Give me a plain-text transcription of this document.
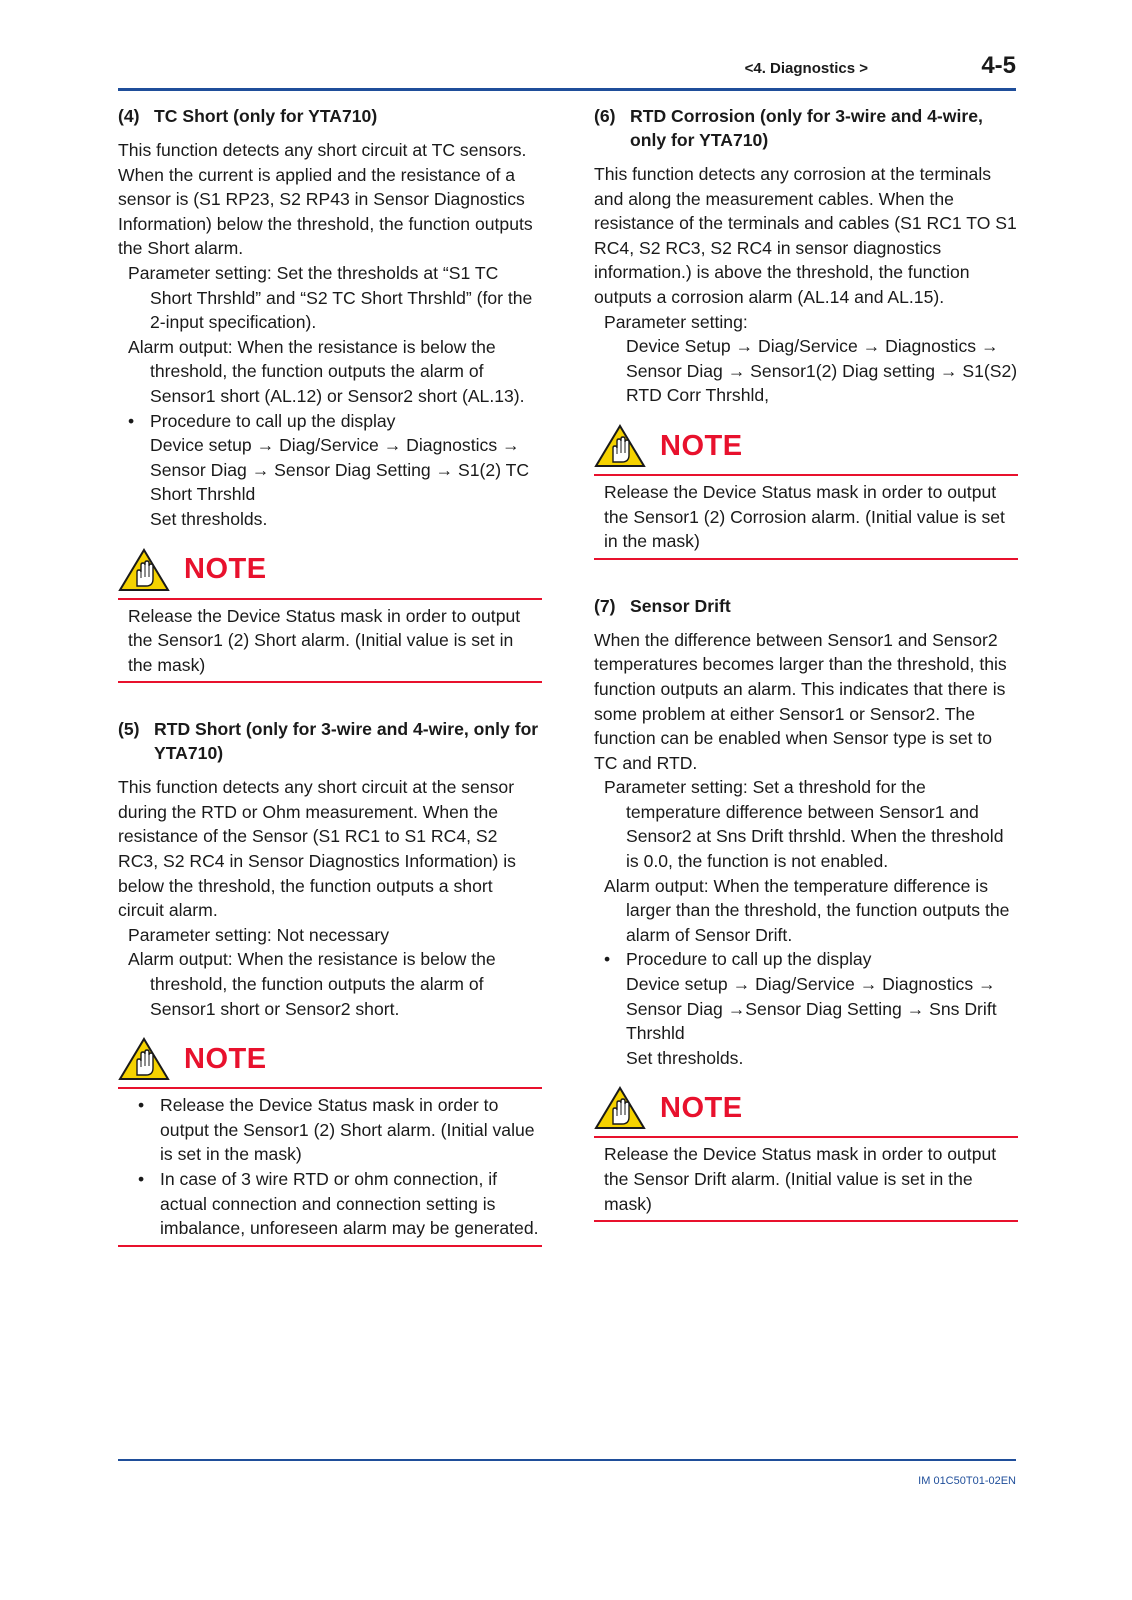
<4. Diagnostics >	4-5
(4) TC Short (only for YTA710)

This function detects any short circuit at TC sensors. When the current is applied and the resistance of a sensor is (S1 RP23, S2 RP43 in Sensor Diagnostics Information) below the threshold, the function outputs the Short alarm.

Parameter setting: Set the thresholds at “S1 TC Short Thrshld” and “S2 TC Short Thrshld” (for the 2-input specification).

Alarm output: When the resistance is below the threshold, the function outputs the alarm of Sensor1 short (AL.12) or Sensor2 short (AL.13).

• Procedure to call up the display
Device setup → Diag/Service → Diagnostics → Sensor Diag → Sensor Diag Setting → S1(2) TC Short Thrshld
Set thresholds.
NOTE
Release the Device Status mask in order to output the Sensor1 (2) Short alarm. (Initial value is set in the mask)
(5) RTD Short (only for 3-wire and 4-wire, only for YTA710)

This function detects any short circuit at the sensor during the RTD or Ohm measurement. When the resistance of the Sensor (S1 RC1 to S1 RC4, S2 RC3, S2 RC4 in Sensor Diagnostics Information) is below the threshold, the function outputs a short circuit alarm.

Parameter setting: Not necessary

Alarm output: When the resistance is below the threshold, the function outputs the alarm of Sensor1 short or Sensor2 short.

NOTE
• Release the Device Status mask in order to output the Sensor1 (2) Short alarm. (Initial value is set in the mask)
• In case of 3 wire RTD or ohm connection, if actual connection and connection setting is imbalance, unforeseen alarm may be generated.
(6) RTD Corrosion (only for 3-wire and 4-wire, only for YTA710)

This function detects any corrosion at the terminals and along the measurement cables. When the resistance of the terminals and cables (S1 RC1 TO S1 RC4, S2 RC3, S2 RC4 in sensor diagnostics information.) is above the threshold, the function outputs a corrosion alarm (AL.14 and AL.15).

Parameter setting:

Device Setup → Diag/Service → Diagnostics → Sensor Diag → Sensor1(2) Diag setting → S1(S2) RTD Corr Thrshld,
NOTE
Release the Device Status mask in order to output the Sensor1 (2) Corrosion alarm. (Initial value is set in the mask)
(7) Sensor Drift

When the difference between Sensor1 and Sensor2 temperatures becomes larger than the threshold, this function outputs an alarm. This indicates that there is some problem at either Sensor1 or Sensor2. The function can be enabled when Sensor type is set to TC and RTD.

Parameter setting: Set a threshold for the temperature difference between Sensor1 and Sensor2 at Sns Drift thrshld. When the threshold is 0.0, the function is not enabled.

Alarm output: When the temperature difference is larger than the threshold, the function outputs the alarm of Sensor Drift.

• Procedure to call up the display
Device setup → Diag/Service → Diagnostics → Sensor Diag →Sensor Diag Setting → Sns Drift Thrshld
Set thresholds.
NOTE
Release the Device Status mask in order to output the Sensor Drift alarm. (Initial value is set in the mask)
IM 01C50T01-02EN
